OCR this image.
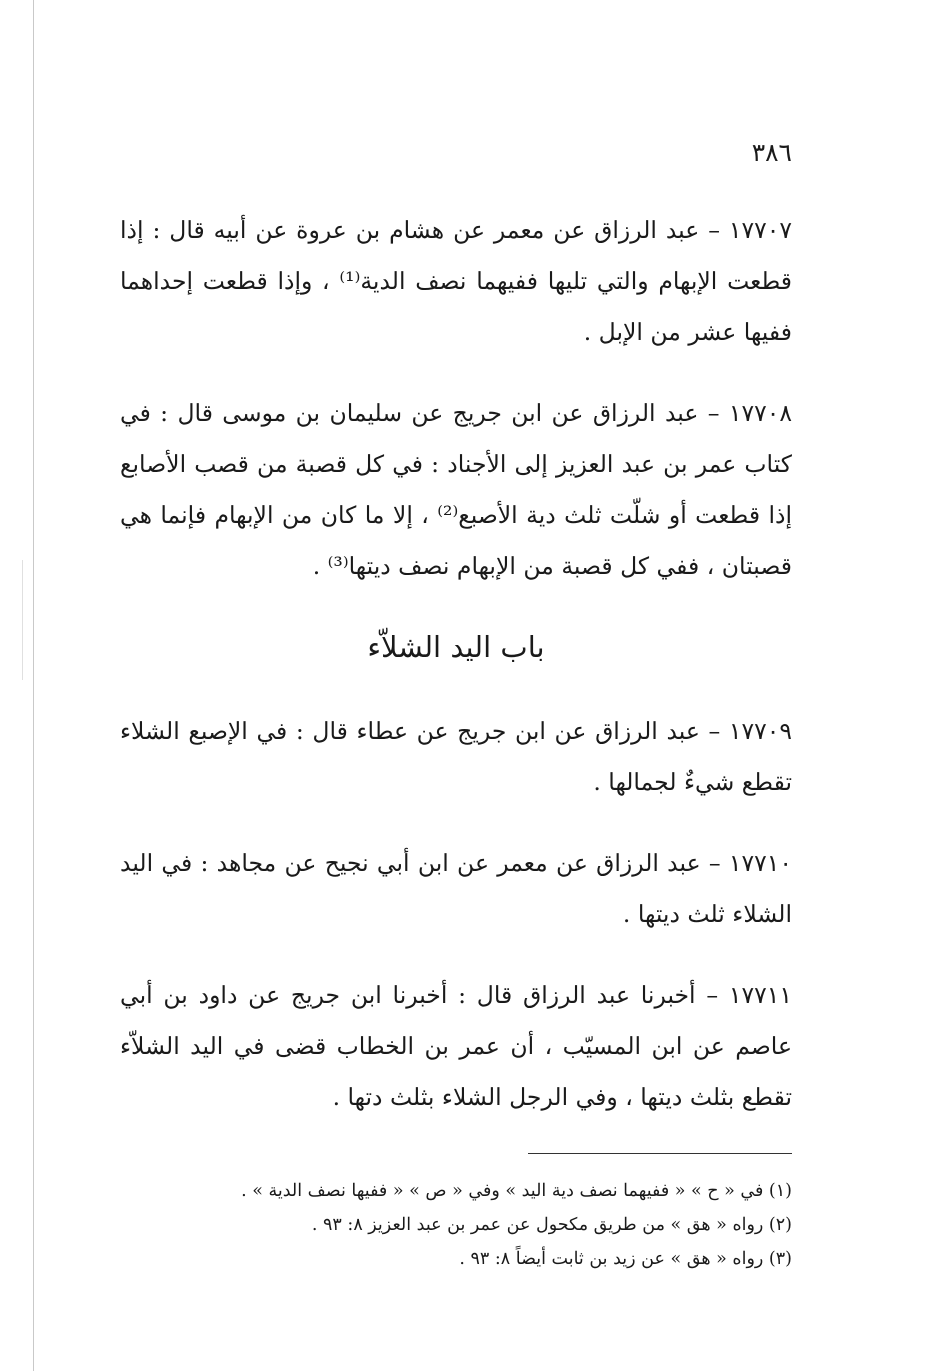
٣٨٦

١٧٧٠٧ – عبد الرزاق عن معمر عن هشام بن عروة عن أبيه قال : إذا قطعت الإبهام والتي تليها ففيهما نصف الدية⁽¹⁾ ، وإذا قطعت إحداهما ففيها عشر من الإبل .

١٧٧٠٨ – عبد الرزاق عن ابن جريج عن سليمان بن موسى قال : في كتاب عمر بن عبد العزيز إلى الأجناد : في كل قصبة من قصب الأصابع إذا قطعت أو شلّت ثلث دية الأصبع⁽²⁾ ، إلا ما كان من الإبهام فإنما هي قصبتان ، ففي كل قصبة من الإبهام نصف ديتها⁽³⁾ .

باب اليد الشلاّء

١٧٧٠٩ – عبد الرزاق عن ابن جريج عن عطاء قال : في الإصبع الشلاء تقطع شيءٌ لجمالها .

١٧٧١٠ – عبد الرزاق عن معمر عن ابن أبي نجيح عن مجاهد : في اليد الشلاء ثلث ديتها .

١٧٧١١ – أخبرنا عبد الرزاق قال : أخبرنا ابن جريج عن داود بن أبي عاصم عن ابن المسيّب ، أن عمر بن الخطاب قضى في اليد الشلاّء تقطع بثلث ديتها ، وفي الرجل الشلاء بثلث دتها .

(١) في « ح » « ففيهما نصف دية اليد » وفي « ص » « ففيها نصف الدية » .

(٢) رواه « هق » من طريق مكحول عن عمر بن عبد العزيز ٨: ٩٣ .

(٣) رواه « هق » عن زيد بن ثابت أيضاً ٨: ٩٣ .
